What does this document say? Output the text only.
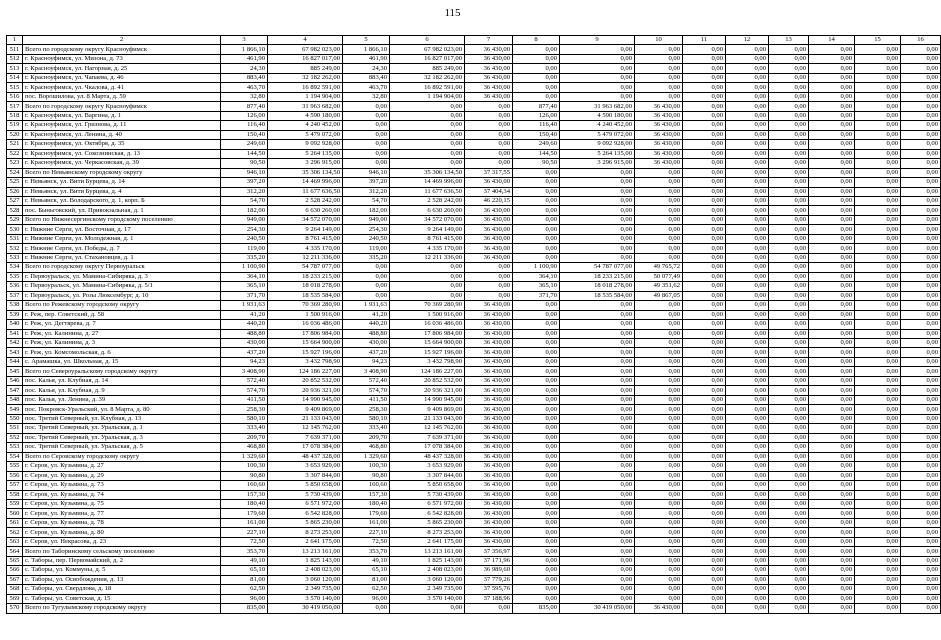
115
1	2	3	4	5	6	7	8	9	10	11	12	13	14	15	16
511	Всего по городскому округу Красноуфимск	1 866,10	67 982 023,00	1 866,10	67 982 023,00	36 430,00	0,00	0,00	0,00	0,00	0,00	0,00	0,00	0,00	0,00
512	г. Красноуфимск, ул. Мизона, д. 73	461,90	16 827 017,00	461,90	16 827 017,00	36 430,00	0,00	0,00	0,00	0,00	0,00	0,00	0,00	0,00	0,00
513	г. Красноуфимск, ул. Нагорная, д. 25	24,30	885 249,00	24,30	885 249,00	36 430,00	0,00	0,00	0,00	0,00	0,00	0,00	0,00	0,00	0,00
514	г. Красноуфимск, ул. Чапаева, д. 46	883,40	32 182 262,00	883,40	32 182 262,00	36 430,00	0,00	0,00	0,00	0,00	0,00	0,00	0,00	0,00	0,00
515	г. Красноуфимск, ул. Чкалова, д. 41	463,70	16 892 591,00	463,70	16 892 591,00	36 430,00	0,00	0,00	0,00	0,00	0,00	0,00	0,00	0,00	0,00
516	пос. Ворошилова, ул. 8 Марта, д. 59	32,80	1 194 904,00	32,80	1 194 904,00	36 430,00	0,00	0,00	0,00	0,00	0,00	0,00	0,00	0,00	0,00
517	Всего по городскому округу Красноуфимск	877,40	31 963 682,00	0,00	0,00	0,00	877,40	31 963 682,00	36 430,00	0,00	0,00	0,00	0,00	0,00	0,00
518	г. Красноуфимск, ул. Варгина, д. 1	126,00	4 590 180,00	0,00	0,00	0,00	126,00	4 590 180,00	36 430,00	0,00	0,00	0,00	0,00	0,00	0,00
519	г. Красноуфимск, ул. Гризнова, д. 11	116,40	4 240 452,00	0,00	0,00	0,00	116,40	4 240 452,00	36 430,00	0,00	0,00	0,00	0,00	0,00	0,00
520	г. Красноуфимск, ул. Ленина, д. 40	150,40	5 479 072,00	0,00	0,00	0,00	150,40	5 479 072,00	36 430,00	0,00	0,00	0,00	0,00	0,00	0,00
521	г. Красноуфимск, ул. Октября, д. 35	249,60	9 092 928,00	0,00	0,00	0,00	249,60	9 092 928,00	36 430,00	0,00	0,00	0,00	0,00	0,00	0,00
522	г. Красноуфимск, ул. Сокознинская, д. 13	144,50	5 264 135,00	0,00	0,00	0,00	144,50	5 264 135,00	36 430,00	0,00	0,00	0,00	0,00	0,00	0,00
523	г. Красноуфимск, ул. Черкасовская, д. 39	90,50	3 296 915,00	0,00	0,00	0,00	90,50	3 296 915,00	36 430,00	0,00	0,00	0,00	0,00	0,00	0,00
524	Всего по Невьянскому городскому округу	946,10	35 306 134,50	946,10	35 306 134,50	37 317,55	0,00	0,00	0,00	0,00	0,00	0,00	0,00	0,00	0,00
525	г. Невьянск, ул. Вити Бурцева, д. 14	397,20	14 469 996,00	397,20	14 469 996,00	36 430,00	0,00	0,00	0,00	0,00	0,00	0,00	0,00	0,00	0,00
526	г. Невьянск, ул. Вити Бурцева, д. 4	312,20	11 677 636,50	312,20	11 677 636,50	37 404,34	0,00	0,00	0,00	0,00	0,00	0,00	0,00	0,00	0,00
527	г. Невьянск, ул. Володарского, д. 1, корп. Б	54,70	2 528 242,00	54,70	2 528 242,00	46 220,15	0,00	0,00	0,00	0,00	0,00	0,00	0,00	0,00	0,00
528	пос. Быньговский, ул. Привокзальная, д. 1	182,00	6 630 260,00	182,00	6 630 260,00	36 430,00	0,00	0,00	0,00	0,00	0,00	0,00	0,00	0,00	0,00
529	Всего по Нижнесергинскому городскому поселению	949,00	34 572 070,00	949,00	34 572 070,00	36 430,00	0,00	0,00	0,00	0,00	0,00	0,00	0,00	0,00	0,00
530	г. Нижние Серги, ул. Восточная, д. 17	254,30	9 264 149,00	254,30	9 264 149,00	36 430,00	0,00	0,00	0,00	0,00	0,00	0,00	0,00	0,00	0,00
531	г. Нижние Серги, ул. Молодежная, д. 1	240,50	8 761 415,00	240,50	8 761 415,00	36 430,00	0,00	0,00	0,00	0,00	0,00	0,00	0,00	0,00	0,00
532	г. Нижние Серги, ул. Победы, д. 7	119,00	4 335 170,00	119,00	4 335 170,00	36 430,00	0,00	0,00	0,00	0,00	0,00	0,00	0,00	0,00	0,00
533	г. Нижние Серги, ул. Стахановцев, д. 1	335,20	12 211 336,00	335,20	12 211 336,00	36 430,00	0,00	0,00	0,00	0,00	0,00	0,00	0,00	0,00	0,00
534	Всего по городскому округу Первоуральск	1 100,90	54 787 077,00	0,00	0,00	0,00	1 100,90	54 787 077,00	49 765,72	0,00	0,00	0,00	0,00	0,00	0,00
535	г. Первоуральск, ул. Мамина-Сибиряка, д. 3	364,10	18 233 215,00	0,00	0,00	0,00	364,10	18 233 215,00	50 077,49	0,00	0,00	0,00	0,00	0,00	0,00
536	г. Первоуральск, ул. Мамина-Сибиряка, д. 5/1	365,10	18 018 278,00	0,00	0,00	0,00	365,10	18 018 278,00	49 351,62	0,00	0,00	0,00	0,00	0,00	0,00
537	г. Первоуральск, ул. Розы Люксембург, д. 10	371,70	18 535 584,00	0,00	0,00	0,00	371,70	18 535 584,00	49 867,05	0,00	0,00	0,00	0,00	0,00	0,00
538	Всего по Режевскому городскому округу	1 931,63	70 369 280,90	1 931,63	70 369 280,90	36 430,00	0,00	0,00	0,00	0,00	0,00	0,00	0,00	0,00	0,00
539	г. Реж, пер. Советский, д. 58	41,20	1 500 916,00	41,20	1 500 916,00	36 430,00	0,00	0,00	0,00	0,00	0,00	0,00	0,00	0,00	0,00
540	г. Реж, ул. Дегтярева, д. 7	440,20	16 036 486,00	440,20	16 036 486,00	36 430,00	0,00	0,00	0,00	0,00	0,00	0,00	0,00	0,00	0,00
541	г. Реж, ул. Калинина, д. 27	488,80	17 806 984,00	488,80	17 806 984,00	36 430,00	0,00	0,00	0,00	0,00	0,00	0,00	0,00	0,00	0,00
542	г. Реж, ул. Калинина, д. 3	430,00	15 664 900,00	430,00	15 664 900,00	36 430,00	0,00	0,00	0,00	0,00	0,00	0,00	0,00	0,00	0,00
543	г. Реж, ул. Комсомольская, д. 6	437,20	15 927 196,00	437,20	15 927 196,00	36 430,00	0,00	0,00	0,00	0,00	0,00	0,00	0,00	0,00	0,00
544	с. Арамашка, ул. Школьная, д. 15	94,23	3 432 798,90	94,23	3 432 798,90	36 430,00	0,00	0,00	0,00	0,00	0,00	0,00	0,00	0,00	0,00
545	Всего по Североуральскому городскому округу	3 408,90	124 186 227,00	3 408,90	124 186 227,00	36 430,00	0,00	0,00	0,00	0,00	0,00	0,00	0,00	0,00	0,00
546	пос. Калья, ул. Клубная, д. 14	572,40	20 852 532,00	572,40	20 852 532,00	36 430,00	0,00	0,00	0,00	0,00	0,00	0,00	0,00	0,00	0,00
547	пос. Калья, ул. Клубная, д. 9	574,70	20 936 321,00	574,70	20 936 321,00	36 430,00	0,00	0,00	0,00	0,00	0,00	0,00	0,00	0,00	0,00
548	пос. Калья, ул. Ленина, д. 39	411,50	14 990 945,00	411,50	14 990 945,00	36 430,00	0,00	0,00	0,00	0,00	0,00	0,00	0,00	0,00	0,00
549	пос. Покровск-Уральский, ул. 8 Марта, д. 80	258,30	9 409 869,00	258,30	9 409 869,00	36 430,00	0,00	0,00	0,00	0,00	0,00	0,00	0,00	0,00	0,00
550	пос. Третий Северный, ул. Клубная, д. 13	580,10	21 133 043,00	580,10	21 133 043,00	36 430,00	0,00	0,00	0,00	0,00	0,00	0,00	0,00	0,00	0,00
551	пос. Третий Северный, ул. Уральская, д. 1	333,40	12 145 762,00	333,40	12 145 762,00	36 430,00	0,00	0,00	0,00	0,00	0,00	0,00	0,00	0,00	0,00
552	пос. Третий Северный, ул. Уральская, д. 3	209,70	7 639 371,00	209,70	7 639 371,00	36 430,00	0,00	0,00	0,00	0,00	0,00	0,00	0,00	0,00	0,00
553	пос. Третий Северный, ул. Уральская, д. 5	468,80	17 078 384,00	468,80	17 078 384,00	36 430,00	0,00	0,00	0,00	0,00	0,00	0,00	0,00	0,00	0,00
554	Всего по Серовскому городскому округу	1 329,60	48 437 328,00	1 329,60	48 437 328,00	36 430,00	0,00	0,00	0,00	0,00	0,00	0,00	0,00	0,00	0,00
555	г. Серов, ул. Кузьмина, д. 27	100,30	3 653 929,00	100,30	3 653 929,00	36 430,00	0,00	0,00	0,00	0,00	0,00	0,00	0,00	0,00	0,00
556	г. Серов, ул. Кузьмина, д. 29	90,80	3 307 844,00	90,80	3 307 844,00	36 430,00	0,00	0,00	0,00	0,00	0,00	0,00	0,00	0,00	0,00
557	г. Серов, ул. Кузьмина, д. 73	160,60	5 850 658,00	160,60	5 850 658,00	36 430,00	0,00	0,00	0,00	0,00	0,00	0,00	0,00	0,00	0,00
558	г. Серов, ул. Кузьмина, д. 74	157,30	5 730 439,00	157,30	5 730 439,00	36 430,00	0,00	0,00	0,00	0,00	0,00	0,00	0,00	0,00	0,00
559	г. Серов, ул. Кузьмина, д. 75	180,40	6 571 972,00	180,40	6 571 972,00	36 430,00	0,00	0,00	0,00	0,00	0,00	0,00	0,00	0,00	0,00
560	г. Серов, ул. Кузьмина, д. 77	179,60	6 542 828,00	179,60	6 542 828,00	36 430,00	0,00	0,00	0,00	0,00	0,00	0,00	0,00	0,00	0,00
561	г. Серов, ул. Кузьмина, д. 78	161,00	5 865 230,00	161,00	5 865 230,00	36 430,00	0,00	0,00	0,00	0,00	0,00	0,00	0,00	0,00	0,00
562	г. Серов, ул. Кузьмина, д. 80	227,10	8 273 253,00	227,10	8 273 253,00	36 430,00	0,00	0,00	0,00	0,00	0,00	0,00	0,00	0,00	0,00
563	г. Серов, ул. Некрасова, д. 23	72,50	2 641 175,00	72,50	2 641 175,00	36 430,00	0,00	0,00	0,00	0,00	0,00	0,00	0,00	0,00	0,00
564	Всего по Таборинскому сельскому поселению	353,70	13 213 161,00	353,70	13 213 161,00	37 356,97	0,00	0,00	0,00	0,00	0,00	0,00	0,00	0,00	0,00
565	с. Таборы, пер. Первомайский, д. 2	49,10	1 825 143,00	49,10	1 825 143,00	37 171,96	0,00	0,00	0,00	0,00	0,00	0,00	0,00	0,00	0,00
566	с. Таборы, ул. Коммуны, д. 5	65,10	2 408 023,00	65,10	2 408 023,00	36 989,60	0,00	0,00	0,00	0,00	0,00	0,00	0,00	0,00	0,00
567	с. Таборы, ул. Освобождения, д. 13	81,00	3 060 120,00	81,00	3 060 120,00	37 779,26	0,00	0,00	0,00	0,00	0,00	0,00	0,00	0,00	0,00
568	с. Таборы, ул. Свердлова, д. 18	62,50	2 349 735,00	62,50	2 349 735,00	37 595,76	0,00	0,00	0,00	0,00	0,00	0,00	0,00	0,00	0,00
569	с. Таборы, ул. Советская, д. 15	96,00	3 570 140,00	96,00	3 570 140,00	37 188,96	0,00	0,00	0,00	0,00	0,00	0,00	0,00	0,00	0,00
570	Всего по Тугулымскому городскому округу	835,00	30 419 050,00	0,00	0,00	0,00	835,00	30 419 050,00	36 430,00	0,00	0,00	0,00	0,00	0,00	0,00
